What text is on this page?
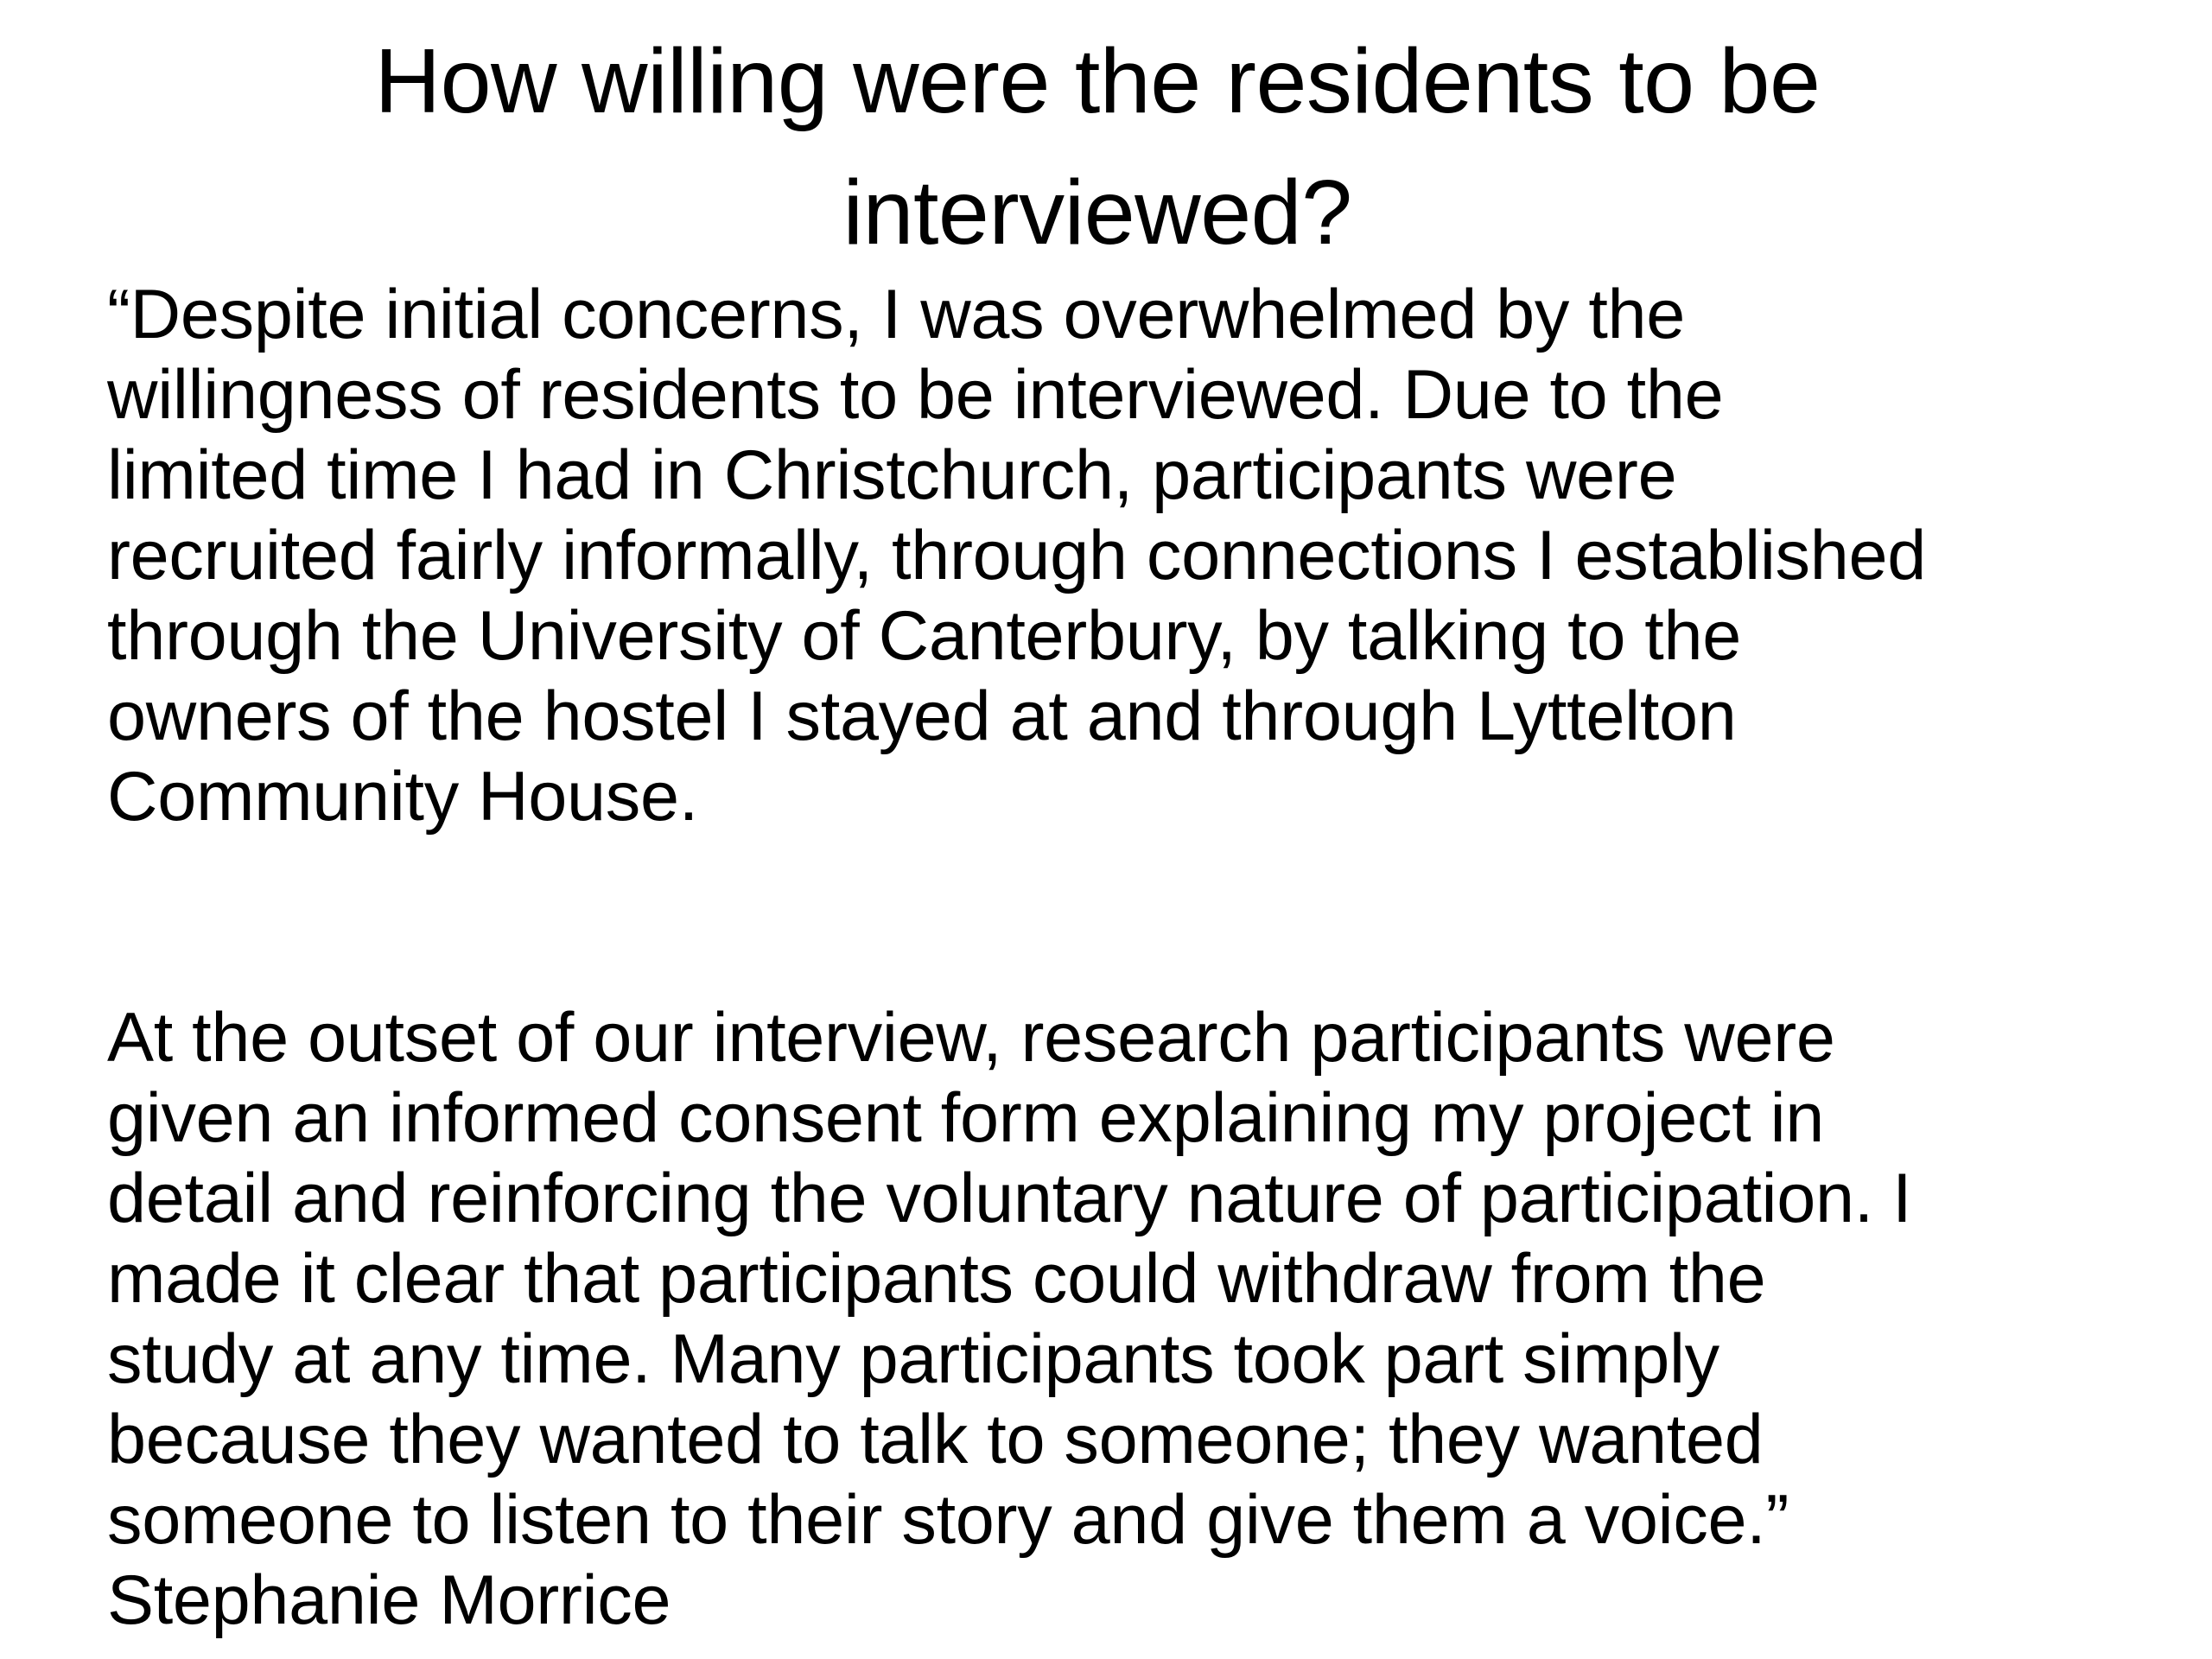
How willing were the residents to be
interviewed?

“Despite initial concerns, I was overwhelmed by the
willingness of residents to be interviewed. Due to the
limited time I had in Christchurch, participants were
recruited fairly informally, through connections I established
through the University of Canterbury, by talking to the
owners of the hostel I stayed at and through Lyttelton
Community House.

At the outset of our interview, research participants were
given an informed consent form explaining my project in
detail and reinforcing the voluntary nature of participation. I
made it clear that participants could withdraw from the
study at any time. Many participants took part simply
because they wanted to talk to someone; they wanted
someone to listen to their story and give them a voice.”
Stephanie Morrice
